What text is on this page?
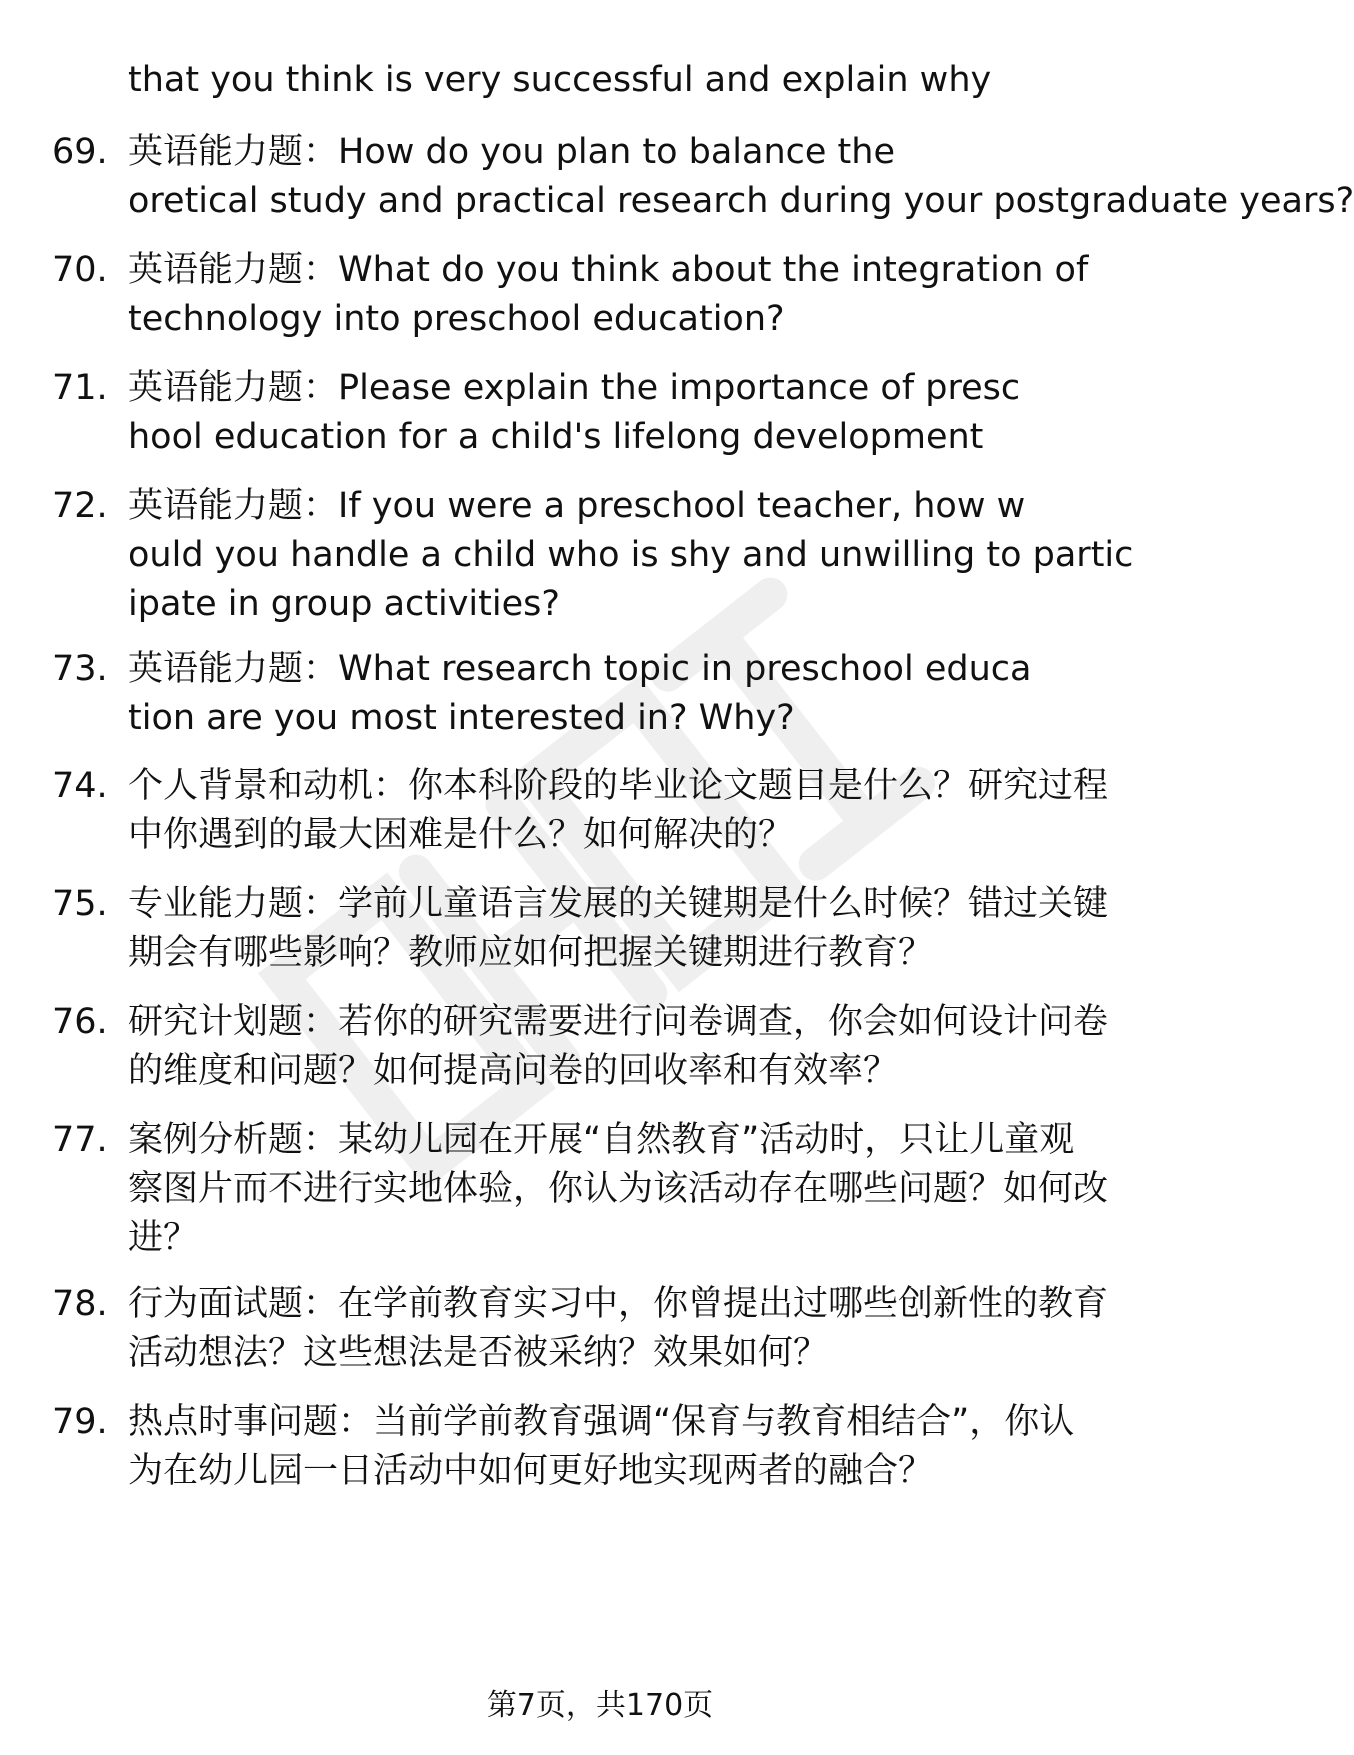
that you think is very successful and explain why
69. 英语能力题：How do you plan to balance the
oretical study and practical research during your postgraduate years?
70. 英语能力题：What do you think about the integration of
technology into preschool education?
71. 英语能力题：Please explain the importance of presc
hool education for a child's lifelong development
72. 英语能力题：If you were a preschool teacher, how w
ould you handle a child who is shy and unwilling to partic
ipate in group activities?
73. 英语能力题：What research topic in preschool educa
tion are you most interested in? Why?
74. 个人背景和动机：你本科阶段的毕业论文题目是什么？研究过程
中你遇到的最大困难是什么？如何解决的？
75. 专业能力题：学前儿童语言发展的关键期是什么时候？错过关键
期会有哪些影响？教师应如何把握关键期进行教育？
76. 研究计划题：若你的研究需要进行问卷调查，你会如何设计问卷
的维度和问题？如何提高问卷的回收率和有效率？
77. 案例分析题：某幼儿园在开展“自然教育”活动时，只让儿童观
察图片而不进行实地体验，你认为该活动存在哪些问题？如何改
进？
78. 行为面试题：在学前教育实习中，你曾提出过哪些创新性的教育
活动想法？这些想法是否被采纳？效果如何？
79. 热点时事问题：当前学前教育强调“保育与教育相结合”，你认
为在幼儿园一日活动中如何更好地实现两者的融合？
第7页，共170页
